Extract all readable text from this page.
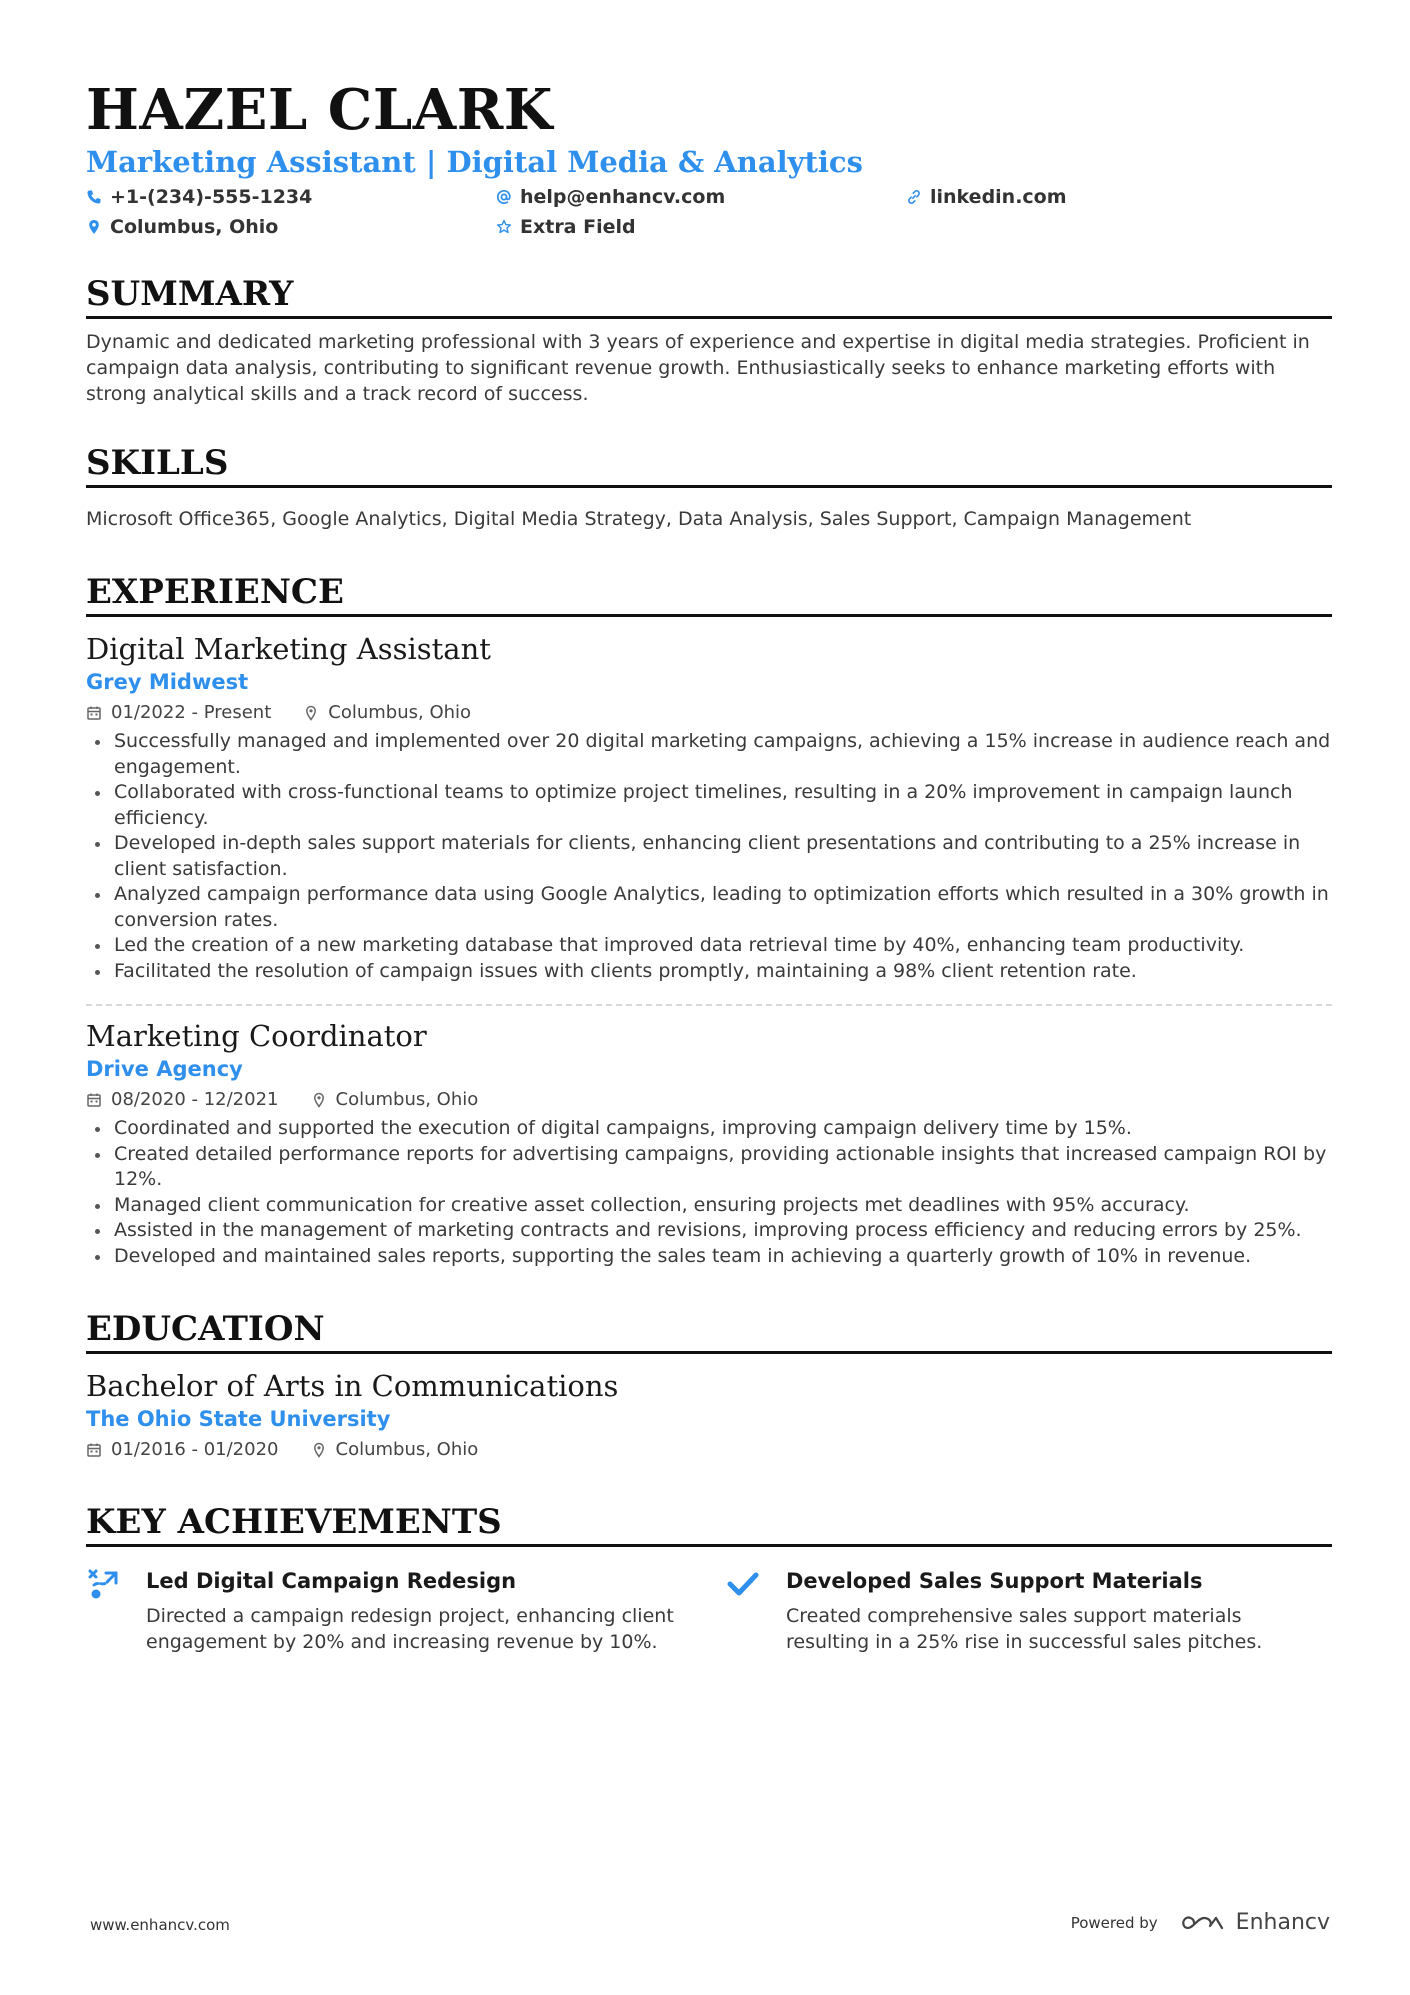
HAZEL CLARK
Marketing Assistant | Digital Media & Analytics
+1-(234)-555-1234	help@enhancv.com	linkedin.com
Columbus, Ohio	Extra Field
SUMMARY
Dynamic and dedicated marketing professional with 3 years of experience and expertise in digital media strategies. Proficient in campaign data analysis, contributing to significant revenue growth. Enthusiastically seeks to enhance marketing efforts with strong analytical skills and a track record of success.
SKILLS
Microsoft Office365, Google Analytics, Digital Media Strategy, Data Analysis, Sales Support, Campaign Management
EXPERIENCE
Digital Marketing Assistant
Grey Midwest
01/2022 - Present	Columbus, Ohio
Successfully managed and implemented over 20 digital marketing campaigns, achieving a 15% increase in audience reach and engagement.
Collaborated with cross-functional teams to optimize project timelines, resulting in a 20% improvement in campaign launch efficiency.
Developed in-depth sales support materials for clients, enhancing client presentations and contributing to a 25% increase in client satisfaction.
Analyzed campaign performance data using Google Analytics, leading to optimization efforts which resulted in a 30% growth in conversion rates.
Led the creation of a new marketing database that improved data retrieval time by 40%, enhancing team productivity.
Facilitated the resolution of campaign issues with clients promptly, maintaining a 98% client retention rate.
Marketing Coordinator
Drive Agency
08/2020 - 12/2021	Columbus, Ohio
Coordinated and supported the execution of digital campaigns, improving campaign delivery time by 15%.
Created detailed performance reports for advertising campaigns, providing actionable insights that increased campaign ROI by 12%.
Managed client communication for creative asset collection, ensuring projects met deadlines with 95% accuracy.
Assisted in the management of marketing contracts and revisions, improving process efficiency and reducing errors by 25%.
Developed and maintained sales reports, supporting the sales team in achieving a quarterly growth of 10% in revenue.
EDUCATION
Bachelor of Arts in Communications
The Ohio State University
01/2016 - 01/2020	Columbus, Ohio
KEY ACHIEVEMENTS
Led Digital Campaign Redesign
Directed a campaign redesign project, enhancing client engagement by 20% and increasing revenue by 10%.
Developed Sales Support Materials
Created comprehensive sales support materials resulting in a 25% rise in successful sales pitches.
www.enhancv.com	Powered by	Enhancv
